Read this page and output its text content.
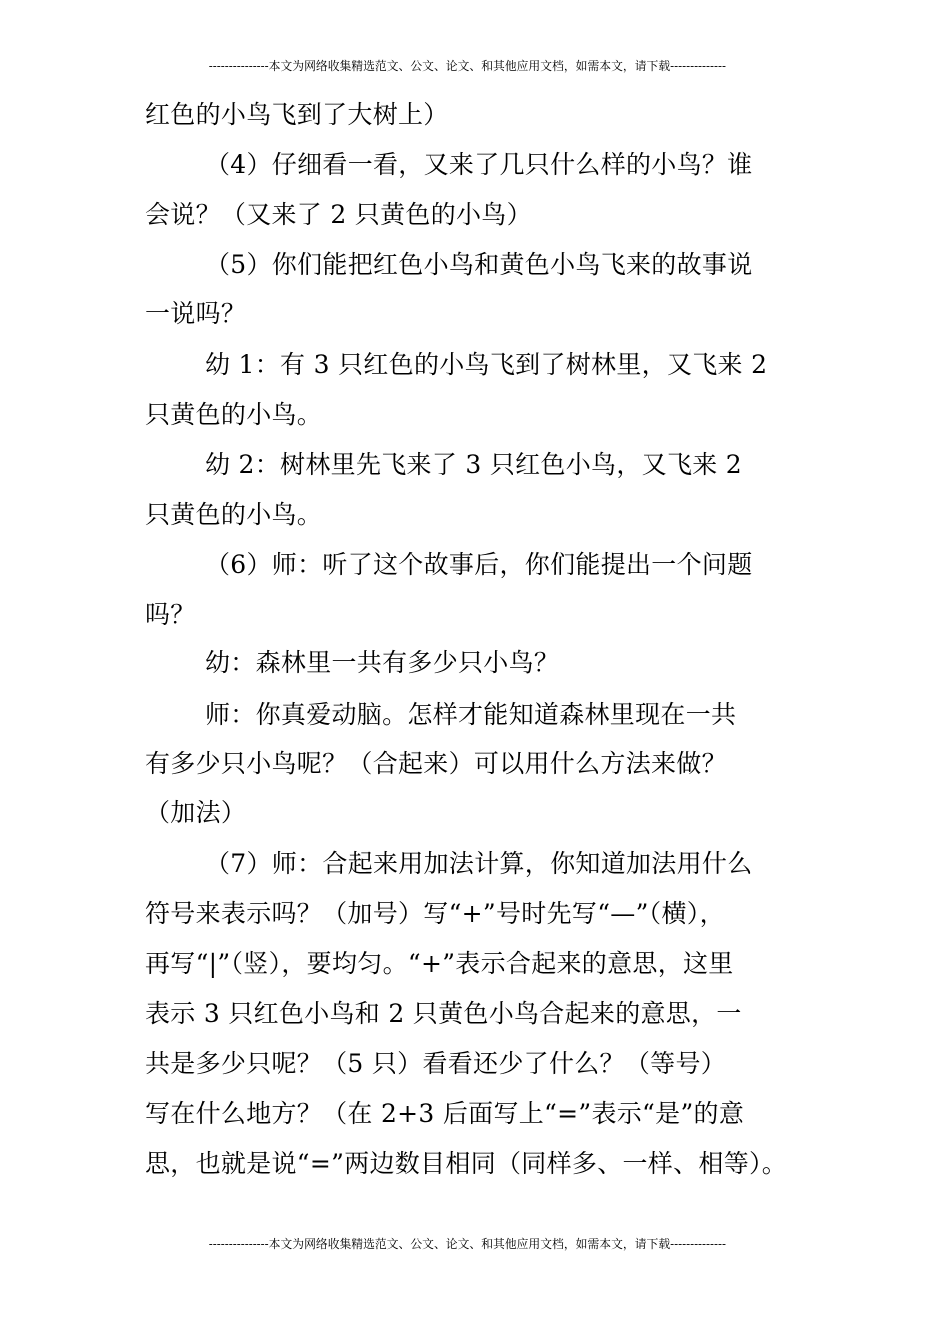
---------------本文为网络收集精选范文、公文、论文、和其他应用文档，如需本文，请下载--------------
红色的小鸟飞到了大树上）
（4）仔细看一看，又来了几只什么样的小鸟？谁
会说？（又来了 2 只黄色的小鸟）
（5）你们能把红色小鸟和黄色小鸟飞来的故事说
一说吗？
幼 1：有 3 只红色的小鸟飞到了树林里，又飞来 2
只黄色的小鸟。
幼 2：树林里先飞来了 3 只红色小鸟，又飞来 2
只黄色的小鸟。
（6）师：听了这个故事后，你们能提出一个问题
吗？
幼：森林里一共有多少只小鸟？
师：你真爱动脑。怎样才能知道森林里现在一共
有多少只小鸟呢？（合起来）可以用什么方法来做？
（加法）
（7）师：合起来用加法计算，你知道加法用什么
符号来表示吗？（加号）写“+”号时先写“—”（横），
再写“|”（竖），要均匀。“+”表示合起来的意思，这里
表示 3 只红色小鸟和 2 只黄色小鸟合起来的意思，一
共是多少只呢？（5 只）看看还少了什么？（等号）
写在什么地方？（在 2+3 后面写上“=”表示“是”的意
思，也就是说“=”两边数目相同（同样多、一样、相等）。
---------------本文为网络收集精选范文、公文、论文、和其他应用文档，如需本文，请下载--------------
